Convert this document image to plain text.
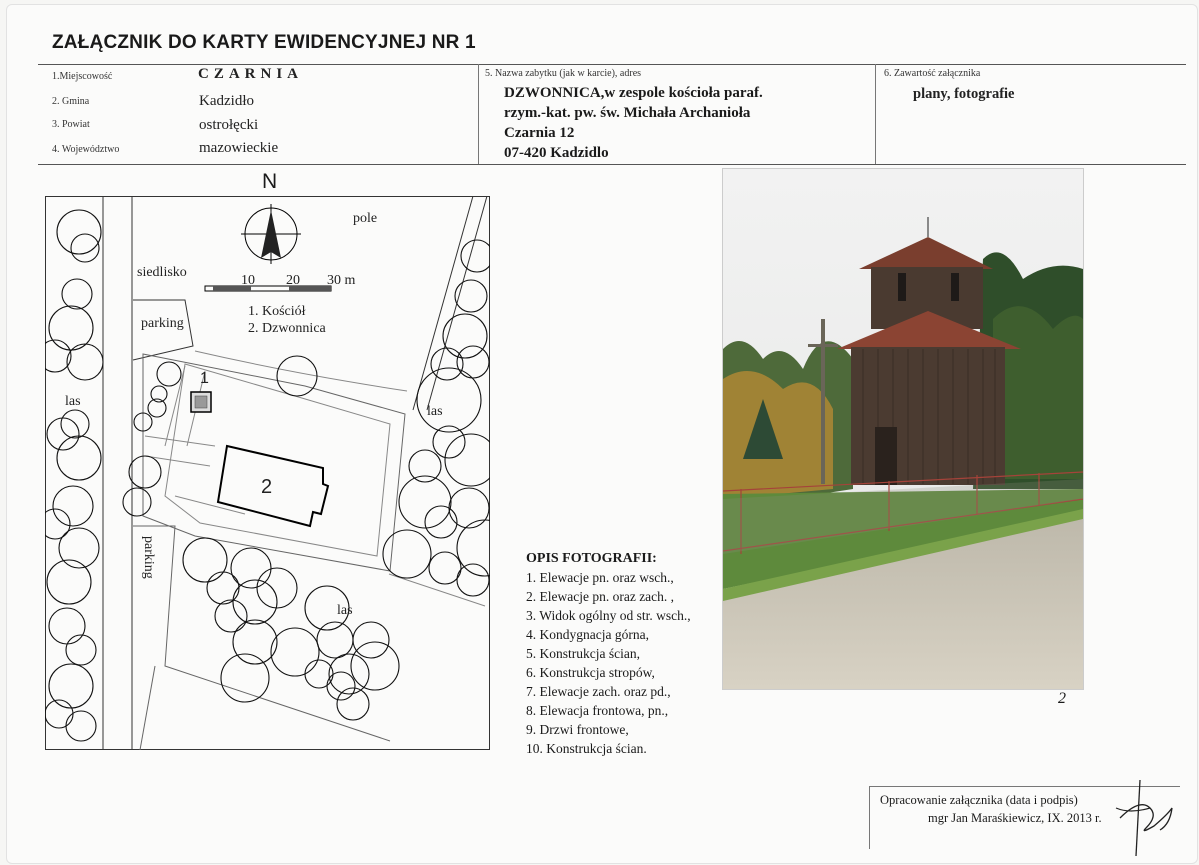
ZAŁĄCZNIK DO KARTY EWIDENCYJNEJ NR 1
1.Miejscowość	CZARNIA
2. Gmina	Kadzidło
3. Powiat	ostrołęcki
4. Województwo	mazowieckie
5. Nazwa zabytku (jak w karcie), adres
DZWONNICA,w zespole kościoła paraf.
rzym.-kat. pw. św. Michała Archanioła
Czarnia 12
07-420 Kadzidlo
6. Zawartość załącznika
plany, fotografie
10 20 30 m
1. Kościół
2. Dzwonnica
pole
siedlisko
parking
las
las
las
parking
1
2
N
2
OPIS FOTOGRAFII:
1. Elewacje pn. oraz wsch.,
2. Elewacje pn. oraz zach. ,
3. Widok ogólny od str. wsch.,
4. Kondygnacja górna,
5. Konstrukcja ścian,
6. Konstrukcja stropów,
7. Elewacje zach. oraz pd.,
8. Elewacja frontowa, pn.,
9. Drzwi frontowe,
10. Konstrukcja ścian.
Opracowanie załącznika (data i podpis)
mgr Jan Maraśkiewicz, IX. 2013 r.
